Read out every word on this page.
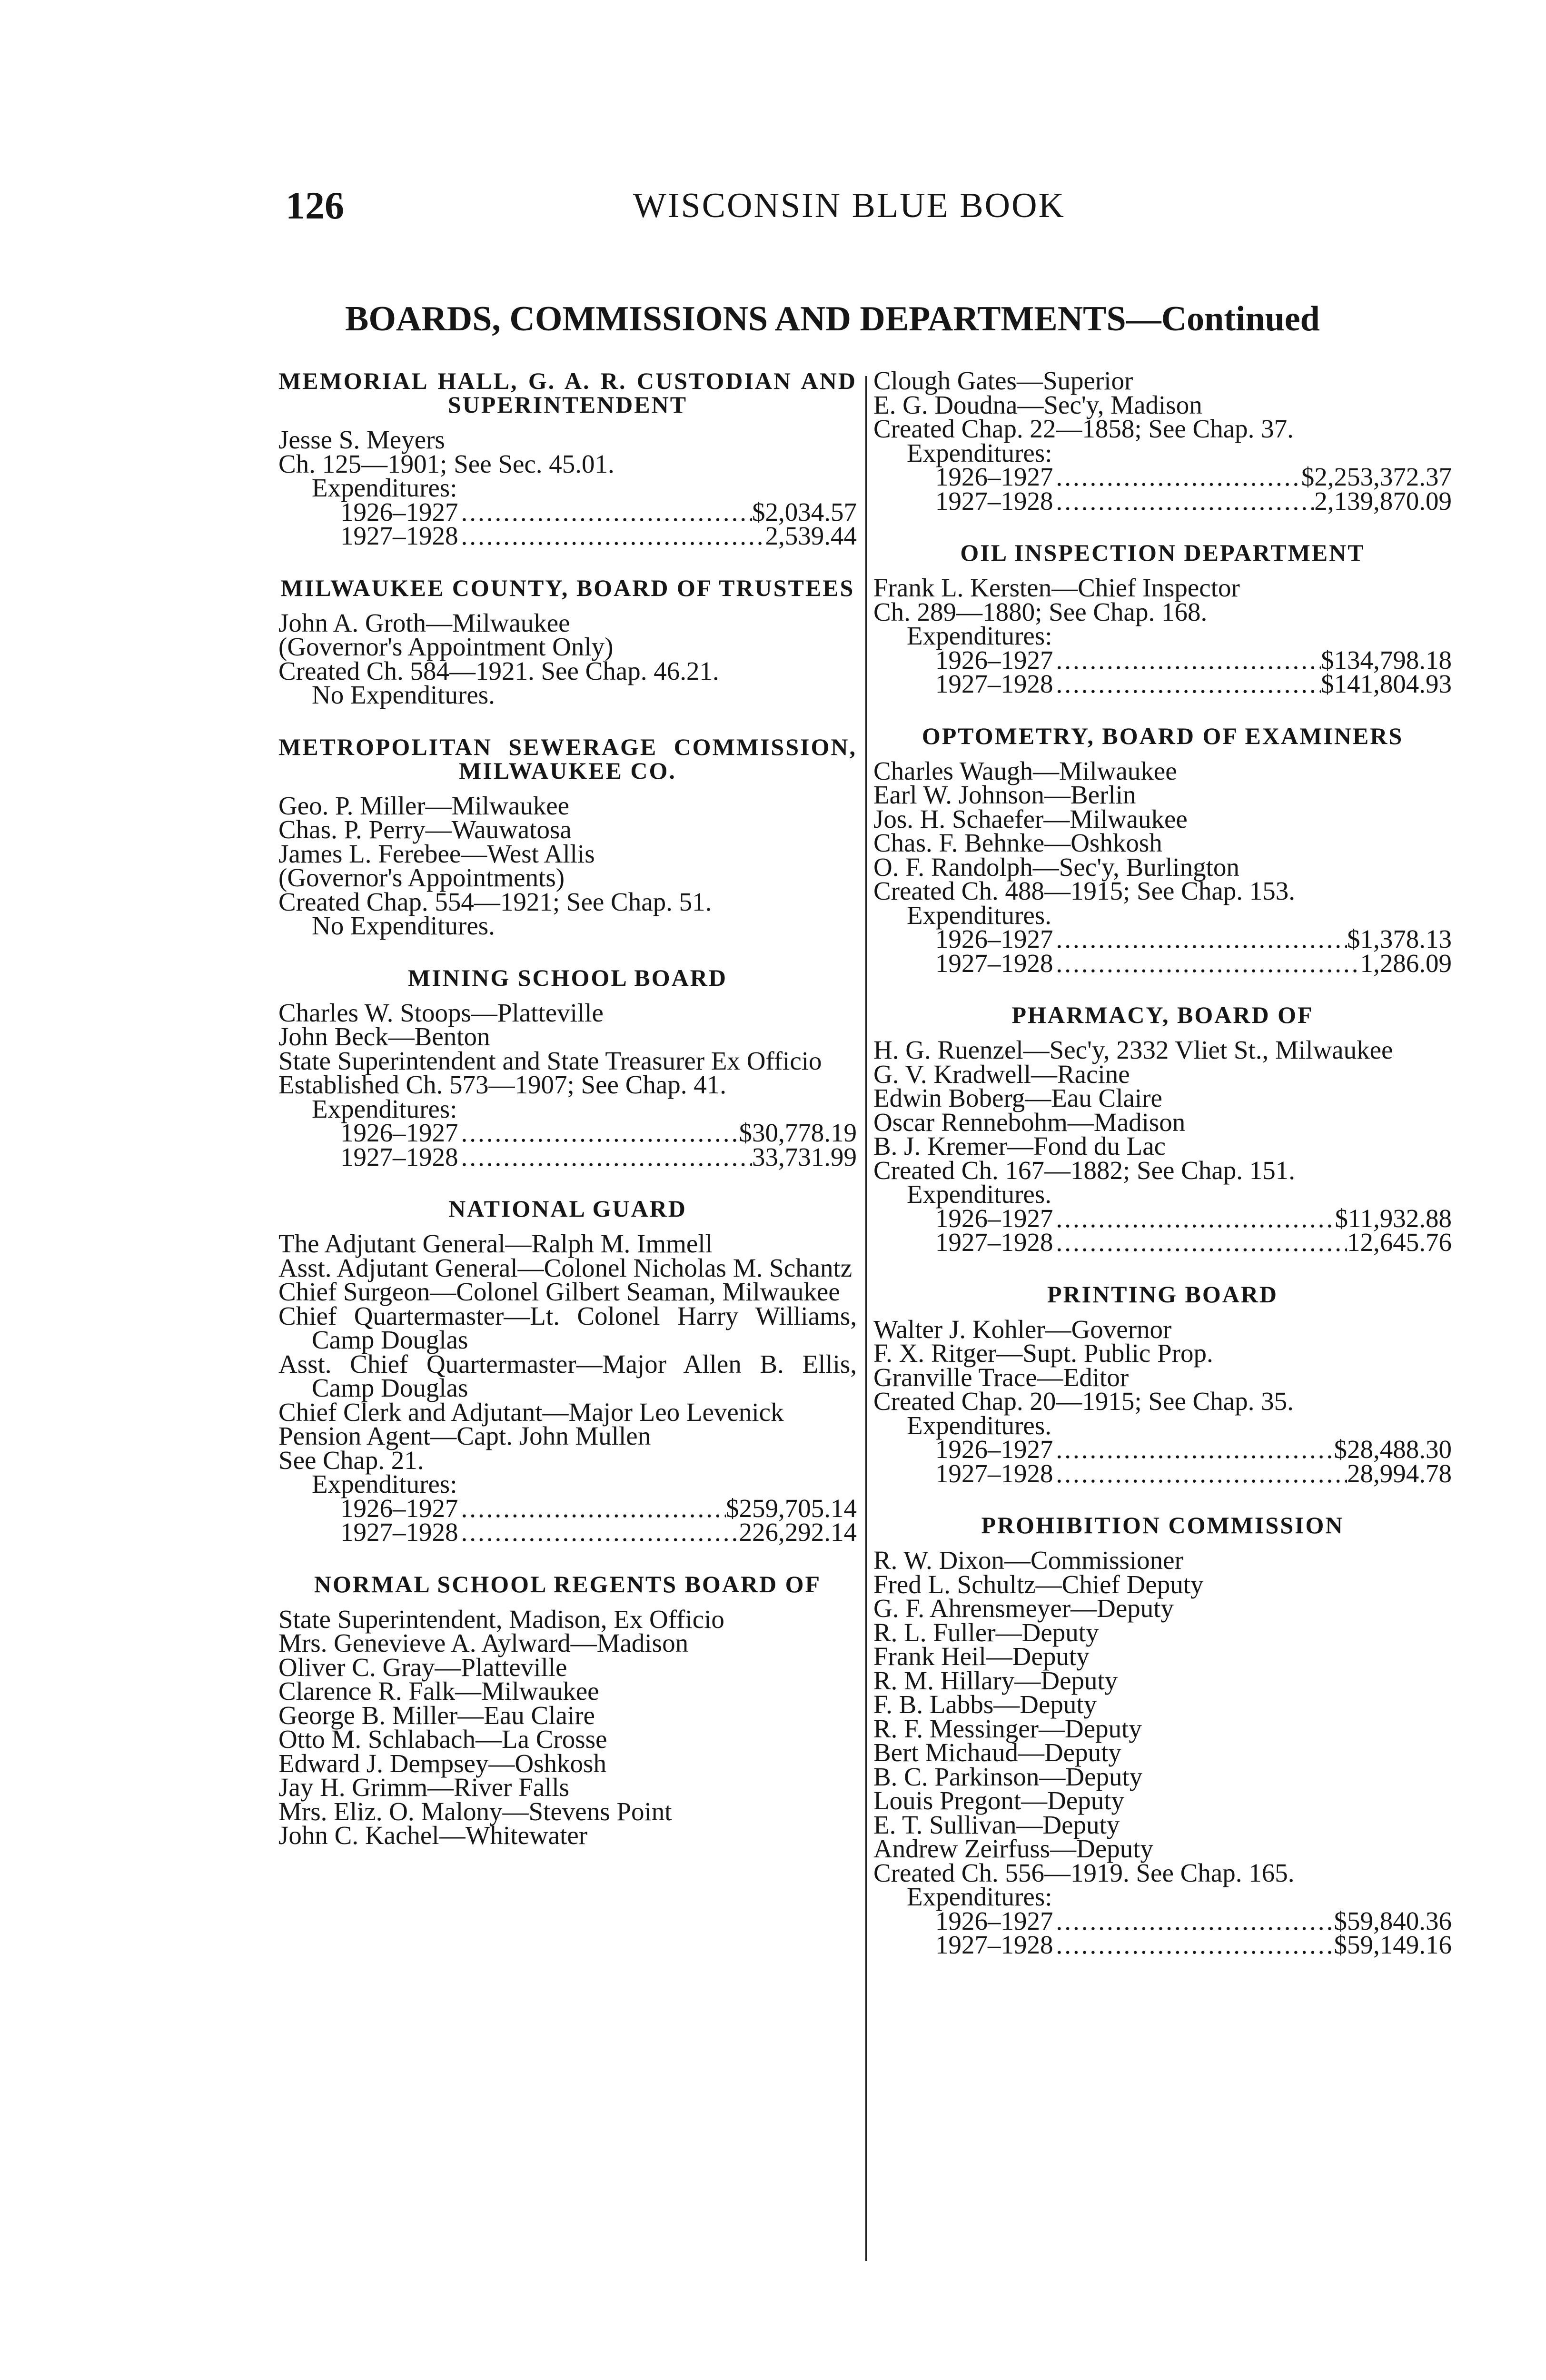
126	WISCONSIN BLUE BOOK
BOARDS, COMMISSIONS AND DEPARTMENTS—Continued
MEMORIAL HALL, G. A. R. CUSTODIAN AND SUPERINTENDENT
Jesse S. Meyers
Ch. 125—1901; See Sec. 45.01.
Expenditures:
1926–1927 .....	$2,034.57
1927–1928 .....	2,539.44
MILWAUKEE COUNTY, BOARD OF TRUSTEES
John A. Groth—Milwaukee
(Governor's Appointment Only)
Created Ch. 584—1921. See Chap. 46.21.
No Expenditures.
METROPOLITAN SEWERAGE COMMISSION, MILWAUKEE CO.
Geo. P. Miller—Milwaukee
Chas. P. Perry—Wauwatosa
James L. Ferebee—West Allis
(Governor's Appointments)
Created Chap. 554—1921; See Chap. 51.
No Expenditures.
MINING SCHOOL BOARD
Charles W. Stoops—Platteville
John Beck—Benton
State Superintendent and State Treasurer Ex Officio
Established Ch. 573—1907; See Chap. 41.
Expenditures:
1926–1927 .....	$30,778.19
1927–1928 .....	33,731.99
NATIONAL GUARD
The Adjutant General—Ralph M. Immell
Asst. Adjutant General—Colonel Nicholas M. Schantz
Chief Surgeon—Colonel Gilbert Seaman, Milwaukee
Chief Quartermaster—Lt. Colonel Harry Williams, Camp Douglas
Asst. Chief Quartermaster—Major Allen B. Ellis, Camp Douglas
Chief Clerk and Adjutant—Major Leo Levenick
Pension Agent—Capt. John Mullen
See Chap. 21.
Expenditures:
1926–1927 .....	$259,705.14
1927–1928 .....	226,292.14
NORMAL SCHOOL REGENTS BOARD OF
State Superintendent, Madison, Ex Officio
Mrs. Genevieve A. Aylward—Madison
Oliver C. Gray—Platteville
Clarence R. Falk—Milwaukee
George B. Miller—Eau Claire
Otto M. Schlabach—La Crosse
Edward J. Dempsey—Oshkosh
Jay H. Grimm—River Falls
Mrs. Eliz. O. Malony—Stevens Point
John C. Kachel—Whitewater
Clough Gates—Superior
E. G. Doudna—Sec'y, Madison
Created Chap. 22—1858; See Chap. 37.
Expenditures:
1926–1927 .....	$2,253,372.37
1927–1928 .....	2,139,870.09
OIL INSPECTION DEPARTMENT
Frank L. Kersten—Chief Inspector
Ch. 289—1880; See Chap. 168.
Expenditures:
1926–1927 .....	$134,798.18
1927–1928 .....	$141,804.93
OPTOMETRY, BOARD OF EXAMINERS
Charles Waugh—Milwaukee
Earl W. Johnson—Berlin
Jos. H. Schaefer—Milwaukee
Chas. F. Behnke—Oshkosh
O. F. Randolph—Sec'y, Burlington
Created Ch. 488—1915; See Chap. 153.
Expenditures.
1926–1927 .....	$1,378.13
1927–1928 .....	1,286.09
PHARMACY, BOARD OF
H. G. Ruenzel—Sec'y, 2332 Vliet St., Milwaukee
G. V. Kradwell—Racine
Edwin Boberg—Eau Claire
Oscar Rennebohm—Madison
B. J. Kremer—Fond du Lac
Created Ch. 167—1882; See Chap. 151.
Expenditures.
1926–1927 .....	$11,932.88
1927–1928 .....	12,645.76
PRINTING BOARD
Walter J. Kohler—Governor
F. X. Ritger—Supt. Public Prop.
Granville Trace—Editor
Created Chap. 20—1915; See Chap. 35.
Expenditures.
1926–1927 .....	$28,488.30
1927–1928 .....	28,994.78
PROHIBITION COMMISSION
R. W. Dixon—Commissioner
Fred L. Schultz—Chief Deputy
G. F. Ahrensmeyer—Deputy
R. L. Fuller—Deputy
Frank Heil—Deputy
R. M. Hillary—Deputy
F. B. Labbs—Deputy
R. F. Messinger—Deputy
Bert Michaud—Deputy
B. C. Parkinson—Deputy
Louis Pregont—Deputy
E. T. Sullivan—Deputy
Andrew Zeirfuss—Deputy
Created Ch. 556—1919. See Chap. 165.
Expenditures:
1926–1927 .....	$59,840.36
1927–1928 .....	$59,149.16
